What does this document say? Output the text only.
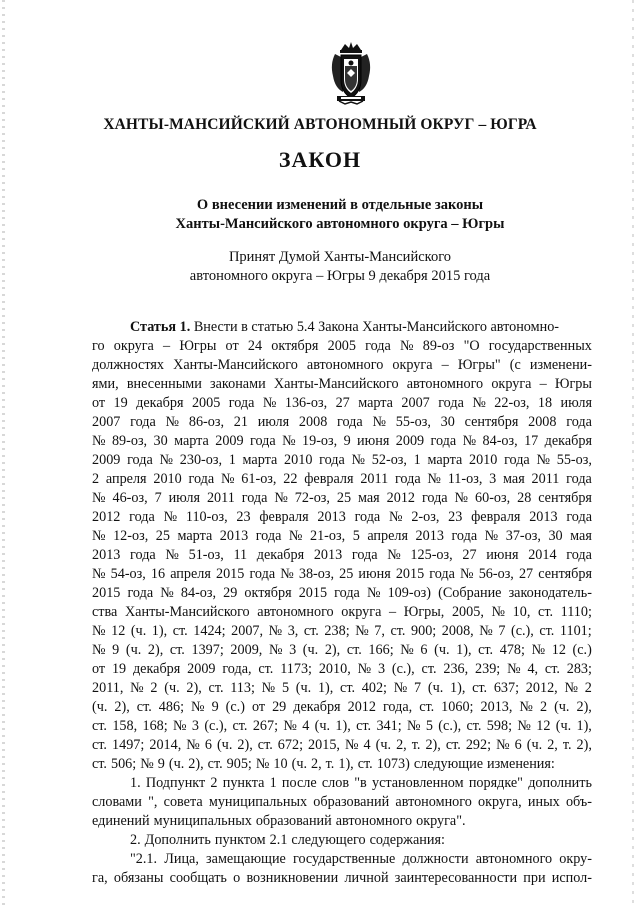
ХАНТЫ-МАНСИЙСКИЙ АВТОНОМНЫЙ ОКРУГ – ЮГРА
ЗАКОН
О внесении изменений в отдельные законы
Ханты-Мансийского автономного округа – Югры
Принят Думой Ханты-Мансийского
автономного округа – Югры 9 декабря 2015 года
Статья 1. Внести в статью 5.4 Закона Ханты-Мансийского автономно-
го округа – Югры от 24 октября 2005 года № 89-оз "О государственных
должностях Ханты-Мансийского автономного округа – Югры" (с изменени-
ями, внесенными законами Ханты-Мансийского автономного округа – Югры
от 19 декабря 2005 года № 136-оз, 27 марта 2007 года № 22-оз, 18 июля
2007 года № 86-оз, 21 июля 2008 года № 55-оз, 30 сентября 2008 года
№ 89-оз, 30 марта 2009 года № 19-оз, 9 июня 2009 года № 84-оз, 17 декабря
2009 года № 230-оз, 1 марта 2010 года № 52-оз, 1 марта 2010 года № 55-оз,
2 апреля 2010 года № 61-оз, 22 февраля 2011 года № 11-оз, 3 мая 2011 года
№ 46-оз, 7 июля 2011 года № 72-оз, 25 мая 2012 года № 60-оз, 28 сентября
2012 года № 110-оз, 23 февраля 2013 года № 2-оз, 23 февраля 2013 года
№ 12-оз, 25 марта 2013 года № 21-оз, 5 апреля 2013 года № 37-оз, 30 мая
2013 года № 51-оз, 11 декабря 2013 года № 125-оз, 27 июня 2014 года
№ 54-оз, 16 апреля 2015 года № 38-оз, 25 июня 2015 года № 56-оз, 27 сентября
2015 года № 84-оз, 29 октября 2015 года № 109-оз) (Собрание законодатель-
ства Ханты-Мансийского автономного округа – Югры, 2005, № 10, ст. 1110;
№ 12 (ч. 1), ст. 1424; 2007, № 3, ст. 238; № 7, ст. 900; 2008, № 7 (с.), ст. 1101;
№ 9 (ч. 2), ст. 1397; 2009, № 3 (ч. 2), ст. 166; № 6 (ч. 1), ст. 478; № 12 (с.)
от 19 декабря 2009 года, ст. 1173; 2010, № 3 (с.), ст. 236, 239; № 4, ст. 283;
2011, № 2 (ч. 2), ст. 113; № 5 (ч. 1), ст. 402; № 7 (ч. 1), ст. 637; 2012, № 2
(ч. 2), ст. 486; № 9 (с.) от 29 декабря 2012 года, ст. 1060; 2013, № 2 (ч. 2),
ст. 158, 168; № 3 (с.), ст. 267; № 4 (ч. 1), ст. 341; № 5 (с.), ст. 598; № 12 (ч. 1),
ст. 1497; 2014, № 6 (ч. 2), ст. 672; 2015, № 4 (ч. 2, т. 2), ст. 292; № 6 (ч. 2, т. 2),
ст. 506; № 9 (ч. 2), ст. 905; № 10 (ч. 2, т. 1), ст. 1073) следующие изменения:
1. Подпункт 2 пункта 1 после слов "в установленном порядке" дополнить
словами ", совета муниципальных образований автономного округа, иных объ-
единений муниципальных образований автономного округа".
2. Дополнить пунктом 2.1 следующего содержания:
"2.1. Лица, замещающие государственные должности автономного окру-
га, обязаны сообщать о возникновении личной заинтересованности при испол-
